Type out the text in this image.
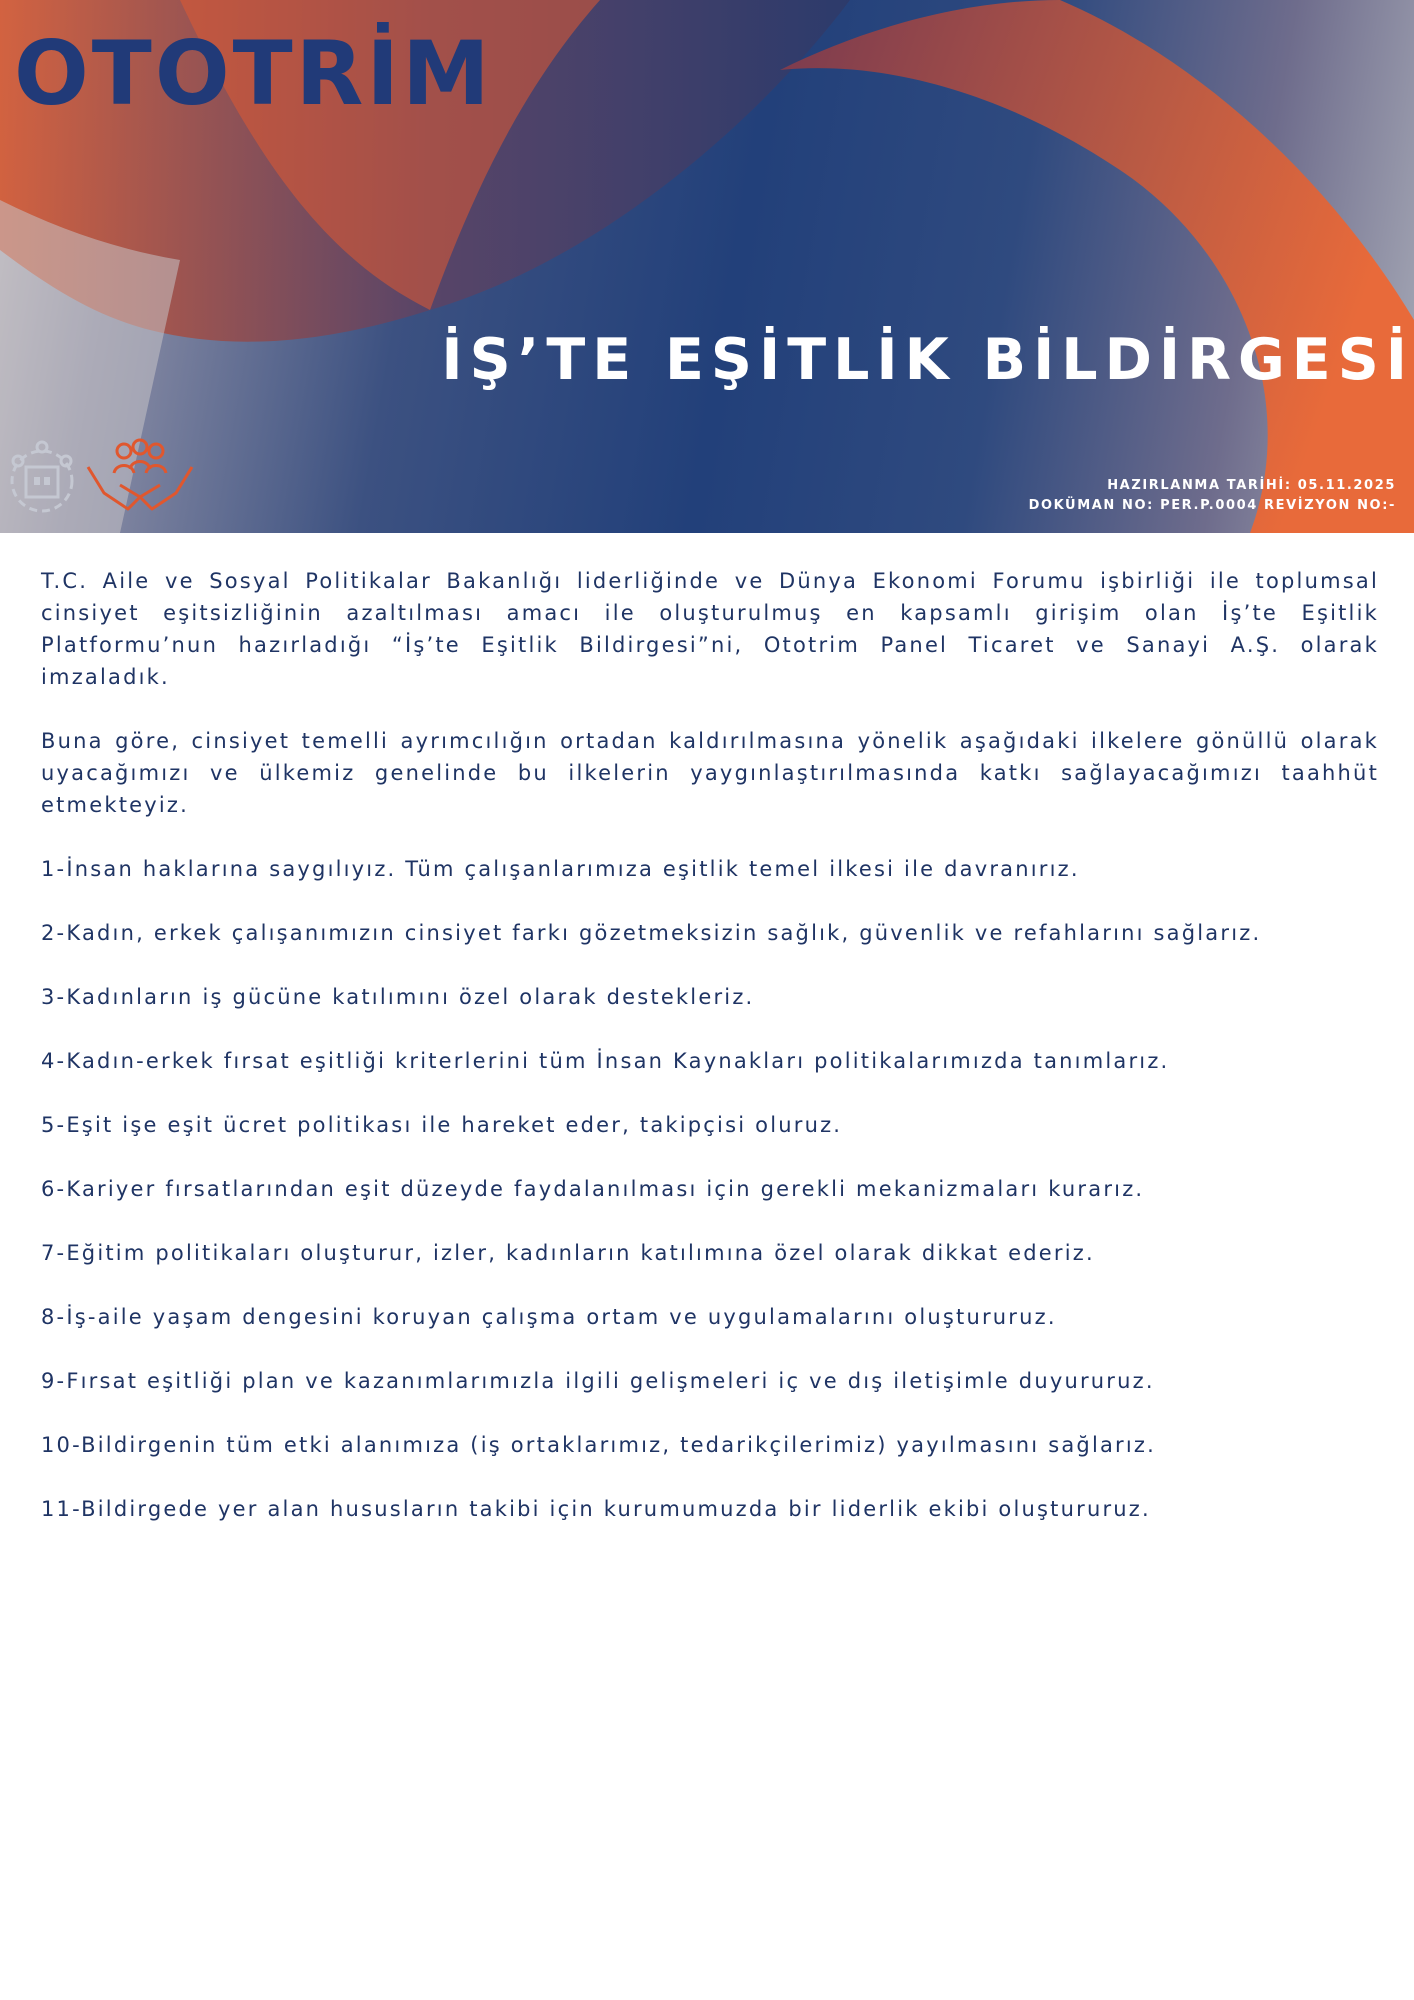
OTOTRİM
İŞ’TE EŞİTLİK BİLDİRGESİ

HAZIRLANMA TARİHİ: 05.11.2025
DOKÜMAN NO: PER.P.0004 REVİZYON NO:-

T.C. Aile ve Sosyal Politikalar Bakanlığı liderliğinde ve Dünya Ekonomi Forumu işbirliği ile toplumsal cinsiyet eşitsizliğinin azaltılması amacı ile oluşturulmuş en kapsamlı girişim olan İş’te Eşitlik Platformu’nun hazırladığı “İş’te Eşitlik Bildirgesi”ni, Ototrim Panel Ticaret ve Sanayi A.Ş. olarak imzaladık.

Buna göre, cinsiyet temelli ayrımcılığın ortadan kaldırılmasına yönelik aşağıdaki ilkelere gönüllü olarak uyacağımızı ve ülkemiz genelinde bu ilkelerin yaygınlaştırılmasında katkı sağlayacağımızı taahhüt etmekteyiz.

1-İnsan haklarına saygılıyız. Tüm çalışanlarımıza eşitlik temel ilkesi ile davranırız.

2-Kadın, erkek çalışanımızın cinsiyet farkı gözetmeksizin sağlık, güvenlik ve refahlarını sağlarız.

3-Kadınların iş gücüne katılımını özel olarak destekleriz.

4-Kadın-erkek fırsat eşitliği kriterlerini tüm İnsan Kaynakları politikalarımızda tanımlarız.

5-Eşit işe eşit ücret politikası ile hareket eder, takipçisi oluruz.

6-Kariyer fırsatlarından eşit düzeyde faydalanılması için gerekli mekanizmaları kurarız.

7-Eğitim politikaları oluşturur, izler, kadınların katılımına özel olarak dikkat ederiz.

8-İş-aile yaşam dengesini koruyan çalışma ortam ve uygulamalarını oluştururuz.

9-Fırsat eşitliği plan ve kazanımlarımızla ilgili gelişmeleri iç ve dış iletişimle duyururuz.

10-Bildirgenin tüm etki alanımıza (iş ortaklarımız, tedarikçilerimiz) yayılmasını sağlarız.

11-Bildirgede yer alan hususların takibi için kurumumuzda bir liderlik ekibi oluştururuz.
